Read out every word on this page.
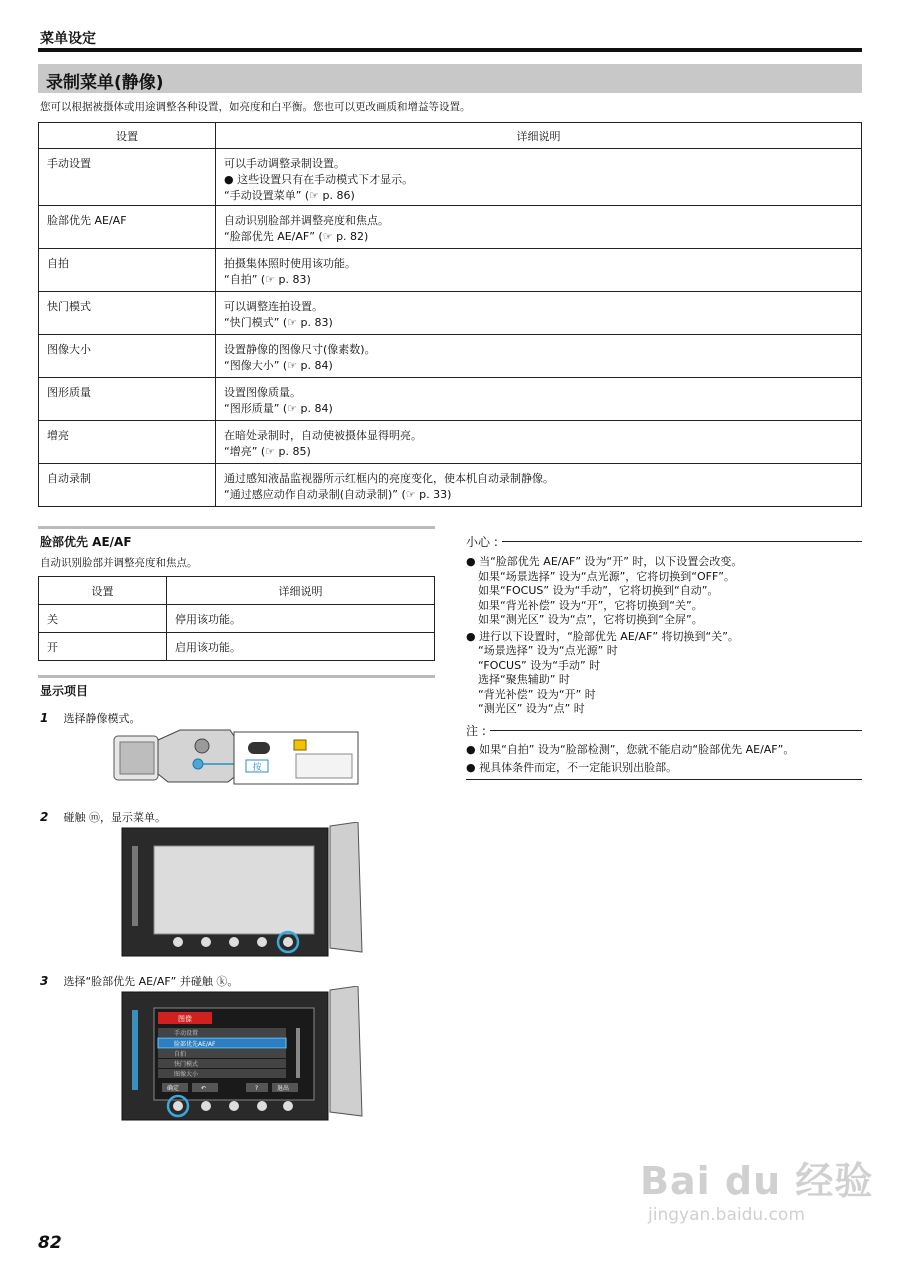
菜单设定
录制菜单(静像)
您可以根据被摄体或用途调整各种设置，如亮度和白平衡。您也可以更改画质和增益等设置。
设置	详细说明
手动设置	可以手动调整录制设置。
● 这些设置只有在手动模式下才显示。
“手动设置菜单” (☞ p. 86)

脸部优先 AE/AF	自动识别脸部并调整亮度和焦点。
“脸部优先 AE/AF” (☞ p. 82)

自拍	拍摄集体照时使用该功能。
“自拍” (☞ p. 83)

快门模式	可以调整连拍设置。
“快门模式” (☞ p. 83)

图像大小	设置静像的图像尺寸(像素数)。
“图像大小” (☞ p. 84)

图形质量	设置图像质量。
“图形质量” (☞ p. 84)

增亮	在暗处录制时，自动使被摄体显得明亮。
“增亮” (☞ p. 85)

自动录制	通过感知液晶监视器所示红框内的亮度变化，使本机自动录制静像。
“通过感应动作自动录制(自动录制)” (☞ p. 33)
脸部优先 AE/AF
自动识别脸部并调整亮度和焦点。
设置	详细说明
关	停用该功能。
开	启用该功能。
显示项目
1 选择静像模式。
按
2 碰触 ⓜ，显示菜单。
3 选择“脸部优先 AE/AF” 并碰触 ⓚ。
图像
手动设置
脸部优先AE/AF
自拍
快门模式
图像大小
确定	↶	?	退出
小心 :
● 当“脸部优先 AE/AF” 设为“开” 时，以下设置会改变。
如果“场景选择” 设为“点光源”，它将切换到“OFF”。
如果“FOCUS” 设为“手动”，它将切换到“自动”。
如果“背光补偿” 设为“开”，它将切换到“关”。
如果“测光区” 设为“点”，它将切换到“全屏”。
● 进行以下设置时，“脸部优先 AE/AF” 将切换到“关”。
“场景选择” 设为“点光源” 时
“FOCUS” 设为“手动” 时
选择“聚焦辅助” 时
“背光补偿” 设为“开” 时
“测光区” 设为“点” 时
注 :
● 如果“自拍” 设为“脸部检测”，您就不能启动“脸部优先 AE/AF”。
● 视具体条件而定，不一定能识别出脸部。
82
Bai du 经验
jingyan.baidu.com
